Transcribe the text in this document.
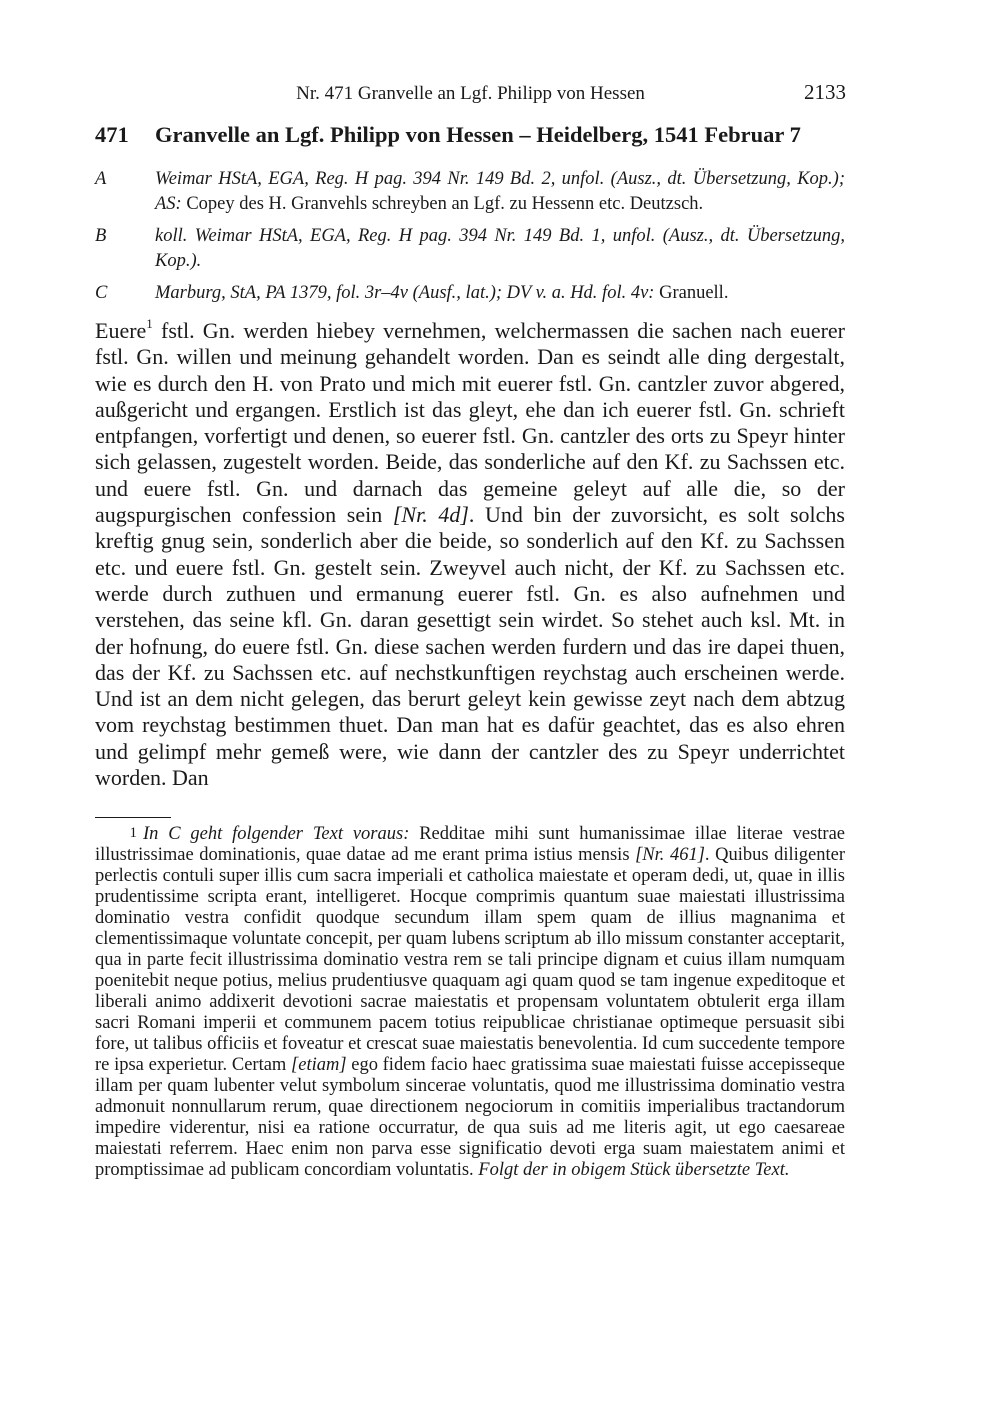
Nr. 471 Granvelle an Lgf. Philipp von Hessen	2133
471 Granvelle an Lgf. Philipp von Hessen – Heidelberg, 1541 Februar 7
A	Weimar HStA, EGA, Reg. H pag. 394 Nr. 149 Bd. 2, unfol. (Ausz., dt. Übersetzung, Kop.); AS: Copey des H. Granvehls schreyben an Lgf. zu Hessenn etc. Deutzsch.
B	koll. Weimar HStA, EGA, Reg. H pag. 394 Nr. 149 Bd. 1, unfol. (Ausz., dt. Übersetzung, Kop.).
C	Marburg, StA, PA 1379, fol. 3r–4v (Ausf., lat.); DV v. a. Hd. fol. 4v: Granuell.
Euere$^1$ fstl. Gn. werden hiebey vernehmen, welchermassen die sachen nach euerer fstl. Gn. willen und meinung gehandelt worden. Dan es seindt alle ding dergestalt, wie es durch den H. von Prato und mich mit euerer fstl. Gn. cantzler zuvor abgered, außgericht und ergangen. Erstlich ist das gleyt, ehe dan ich euerer fstl. Gn. schrieft entpfangen, vorfertigt und denen, so euerer fstl. Gn. cantzler des orts zu Speyr hinter sich gelassen, zugestelt worden. Beide, das sonderliche auf den Kf. zu Sachssen etc. und euere fstl. Gn. und darnach das gemeine geleyt auf alle die, so der augspurgischen confession sein [Nr. 4d]. Und bin der zuvorsicht, es solt solchs kreftig gnug sein, sonderlich aber die beide, so sonderlich auf den Kf. zu Sachssen etc. und euere fstl. Gn. gestelt sein. Zweyvel auch nicht, der Kf. zu Sachssen etc. werde durch zuthuen und ermanung euerer fstl. Gn. es also aufnehmen und verstehen, das seine kfl. Gn. daran gesettigt sein wirdet. So stehet auch ksl. Mt. in der hofnung, do euere fstl. Gn. diese sachen werden furdern und das ire dapei thuen, das der Kf. zu Sachssen etc. auf nechstkunftigen reychstag auch erscheinen werde. Und ist an dem nicht gelegen, das berurt geleyt kein gewisse zeyt nach dem abtzug vom reychstag bestimmen thuet. Dan man hat es dafür geachtet, das es also ehren und gelimpf mehr gemeß were, wie dann der cantzler des zu Speyr underrichtet worden. Dan
1 In C geht folgender Text voraus: Redditae mihi sunt humanissimae illae literae vestrae illustrissimae dominationis, quae datae ad me erant prima istius mensis [Nr. 461]. Quibus diligenter perlectis contuli super illis cum sacra imperiali et catholica maiestate et operam dedi, ut, quae in illis prudentissime scripta erant, intelligeret. Hocque comprimis quantum suae maiestati illustrissima dominatio vestra confidit quodque secundum illam spem quam de illius magnanima et clementissimaque voluntate concepit, per quam lubens scriptum ab illo missum constanter acceptarit, qua in parte fecit illustrissima dominatio vestra rem se tali principe dignam et cuius illam numquam poenitebit neque potius, melius prudentiusve quaquam agi quam quod se tam ingenue expeditoque et liberali animo addixerit devotioni sacrae maiestatis et propensam voluntatem obtulerit erga illam sacri Romani imperii et communem pacem totius reipublicae christianae optimeque persuasit sibi fore, ut talibus officiis et foveatur et crescat suae maiestatis benevolentia. Id cum succedente tempore re ipsa experietur. Certam [etiam] ego fidem facio haec gratissima suae maiestati fuisse accepisseque illam per quam lubenter velut symbolum sincerae voluntatis, quod me illustrissima dominatio vestra admonuit nonnullarum rerum, quae directionem negociorum in comitiis imperialibus tractandorum impedire viderentur, nisi ea ratione occurratur, de qua suis ad me literis agit, ut ego caesareae maiestati referrem. Haec enim non parva esse significatio devoti erga suam maiestatem animi et promptissimae ad publicam concordiam voluntatis. Folgt der in obigem Stück übersetzte Text.
